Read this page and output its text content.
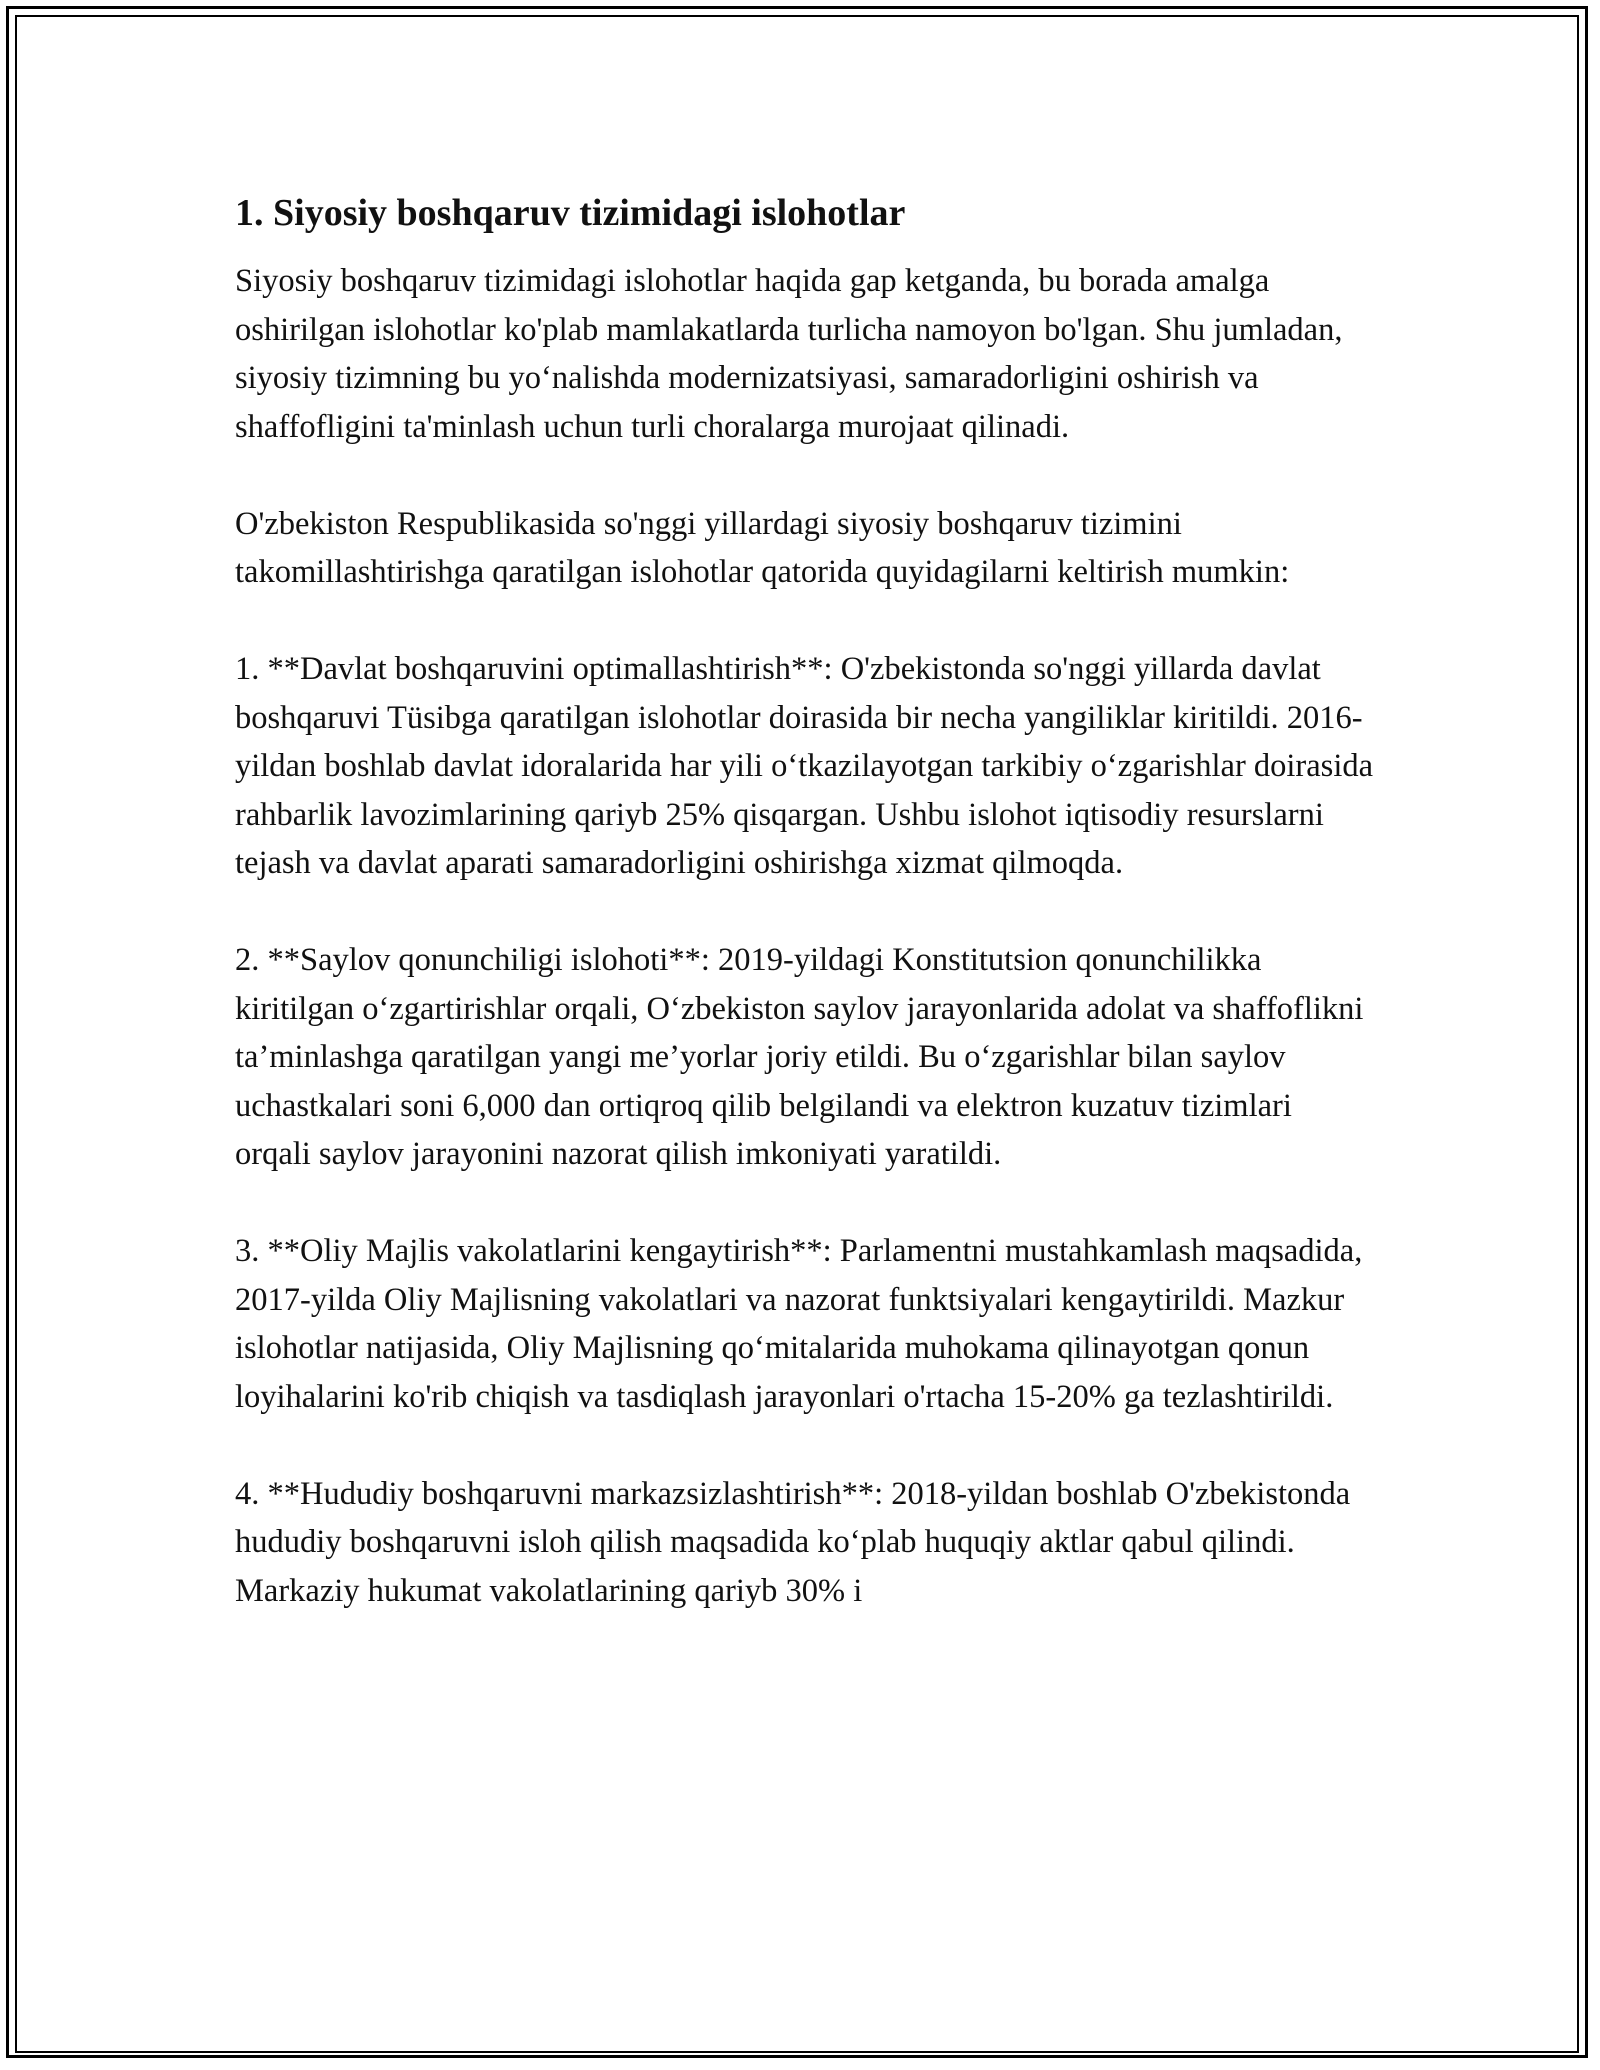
1. Siyosiy boshqaruv tizimidagi islohotlar

Siyosiy boshqaruv tizimidagi islohotlar haqida gap ketganda, bu borada amalga oshirilgan islohotlar ko'plab mamlakatlarda turlicha namoyon bo'lgan. Shu jumladan, siyosiy tizimning bu yo‘nalishda modernizatsiyasi, samaradorligini oshirish va shaffofligini ta'minlash uchun turli choralarga murojaat qilinadi.

O'zbekiston Respublikasida so'nggi yillardagi siyosiy boshqaruv tizimini takomillashtirishga qaratilgan islohotlar qatorida quyidagilarni keltirish mumkin:

1. **Davlat boshqaruvini optimallashtirish**: O'zbekistonda so'nggi yillarda davlat boshqaruvi Tüsibga qaratilgan islohotlar doirasida bir necha yangiliklar kiritildi. 2016-yildan boshlab davlat idoralarida har yili o‘tkazilayotgan tarkibiy o‘zgarishlar doirasida rahbarlik lavozimlarining qariyb 25% qisqargan. Ushbu islohot iqtisodiy resurslarni tejash va davlat aparati samaradorligini oshirishga xizmat qilmoqda.

2. **Saylov qonunchiligi islohoti**: 2019-yildagi Konstitutsion qonunchilikka kiritilgan o‘zgartirishlar orqali, O‘zbekiston saylov jarayonlarida adolat va shaffoflikni ta’minlashga qaratilgan yangi me’yorlar joriy etildi. Bu o‘zgarishlar bilan saylov uchastkalari soni 6,000 dan ortiqroq qilib belgilandi va elektron kuzatuv tizimlari orqali saylov jarayonini nazorat qilish imkoniyati yaratildi.

3. **Oliy Majlis vakolatlarini kengaytirish**: Parlamentni mustahkamlash maqsadida, 2017-yilda Oliy Majlisning vakolatlari va nazorat funktsiyalari kengaytirildi. Mazkur islohotlar natijasida, Oliy Majlisning qo‘mitalarida muhokama qilinayotgan qonun loyihalarini ko'rib chiqish va tasdiqlash jarayonlari o'rtacha 15-20% ga tezlashtirildi.

4. **Hududiy boshqaruvni markazsizlashtirish**: 2018-yildan boshlab O'zbekistonda hududiy boshqaruvni isloh qilish maqsadida ko‘plab huquqiy aktlar qabul qilindi. Markaziy hukumat vakolatlarining qariyb 30% i
